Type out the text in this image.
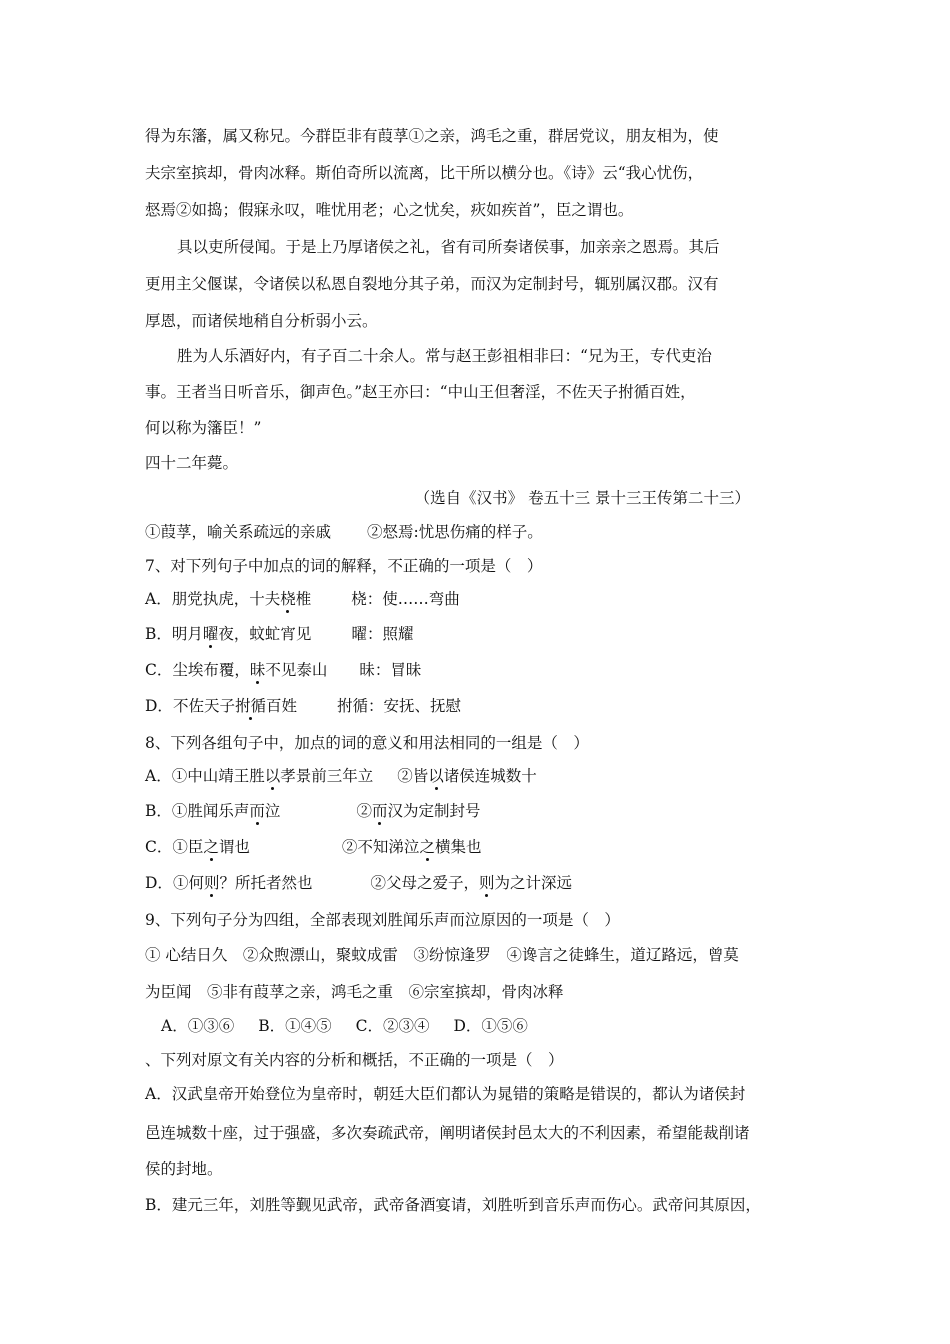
得为东籓，属又称兄。今群臣非有葭莩①之亲，鸿毛之重，群居党议，朋友相为，使
夫宗室摈却，骨肉冰释。斯伯奇所以流离，比干所以横分也。《诗》云“我心忧伤，
惄焉②如捣；假寐永叹，唯忧用老；心之忧矣，疢如疾首”，臣之谓也。
具以吏所侵闻。于是上乃厚诸侯之礼，省有司所奏诸侯事，加亲亲之恩焉。其后
更用主父偃谋，令诸侯以私恩自裂地分其子弟，而汉为定制封号，辄别属汉郡。汉有
厚恩，而诸侯地稍自分析弱小云。
胜为人乐酒好内，有子百二十余人。常与赵王彭祖相非曰：“兄为王，专代吏治
事。王者当日听音乐，御声色。”赵王亦曰：“中山王但奢淫，不佐天子拊循百姓，
何以称为籓臣！”
四十二年薨。
（选自《汉书》 卷五十三 景十三王传第二十三）
①葭莩，喻关系疏远的亲戚 ②惄焉:忧思伤痛的样子。
7、对下列句子中加点的词的解释，不正确的一项是（　）
A．朋党执虎，十夫桡椎	桡：使……弯曲
B．明月曜夜，蚊虻宵见	曜：照耀
C．尘埃布覆，昧不见泰山 昧：冒昧
D．不佐天子拊循百姓	拊循：安抚、抚慰
8、下列各组句子中，加点的词的意义和用法相同的一组是（　）
A．①中山靖王胜以孝景前三年立 ②皆以诸侯连城数十
B．①胜闻乐声而泣	②而汉为定制封号
C．①臣之谓也	②不知涕泣之横集也
D．①何则？所托者然也	②父母之爱子，则为之计深远
9、下列句子分为四组，全部表现刘胜闻乐声而泣原因的一项是（　）
① 心结日久　②众煦漂山，聚蚊成雷　③纷惊逢罗　④谗言之徒蜂生，道辽路远，曾莫
为臣闻　⑤非有葭莩之亲，鸿毛之重　⑥宗室摈却，骨肉冰释
A．①③⑥ B．①④⑤ C．②③④ D．①⑤⑥
、下列对原文有关内容的分析和概括，不正确的一项是（　）
A．汉武皇帝开始登位为皇帝时，朝廷大臣们都认为晁错的策略是错误的，都认为诸侯封
邑连城数十座，过于强盛，多次奏疏武帝，阐明诸侯封邑太大的不利因素，希望能裁削诸
侯的封地。
B．建元三年，刘胜等觐见武帝，武帝备酒宴请，刘胜听到音乐声而伤心。武帝问其原因，
